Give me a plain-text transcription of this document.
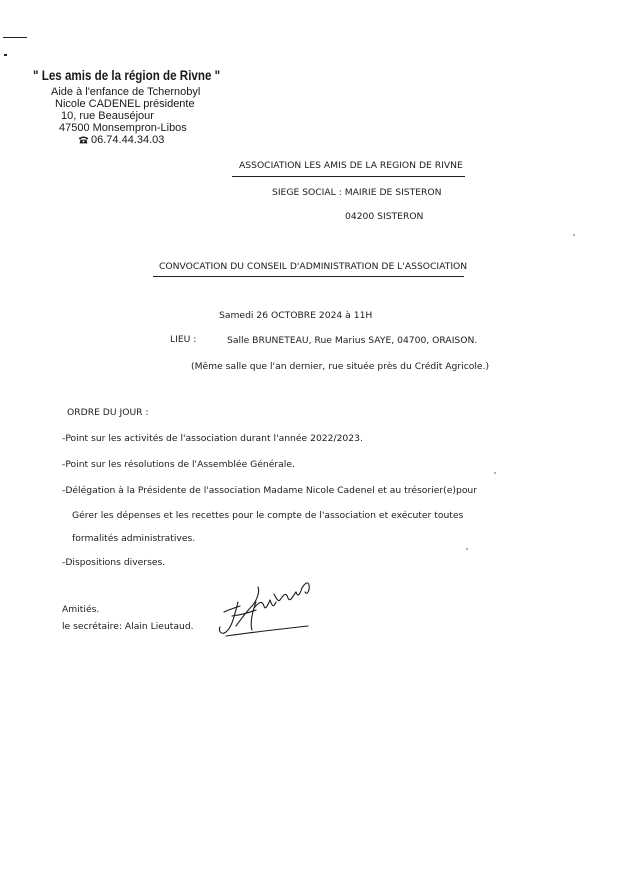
" Les amis de la région de Rivne "
Aide à l'enfance de Tchernobyl
Nicole CADENEL présidente
10, rue Beauséjour
47500 Monsempron-Libos
06.74.44.34.03
ASSOCIATION LES AMIS DE LA REGION DE RIVNE
SIEGE SOCIAL : MAIRIE DE SISTERON
04200 SISTERON
CONVOCATION DU CONSEIL D'ADMINISTRATION DE L'ASSOCIATION
Samedi 26 OCTOBRE 2024 à 11H
LIEU :	Salle BRUNETEAU, Rue Marius SAYE, 04700, ORAISON.
(Même salle que l'an dernier, rue située près du Crédit Agricole.)
ORDRE DU JOUR :
-Point sur les activités de l'association durant l'année 2022/2023.
-Point sur les résolutions de l'Assemblée Générale.
-Délégation à la Présidente de l'association Madame Nicole Cadenel et au trésorier(e)pour
Gérer les dépenses et les recettes pour le compte de l'association et exécuter toutes
formalités administratives.
-Dispositions diverses.
Amitiés.
le secrétaire: Alain Lieutaud.
